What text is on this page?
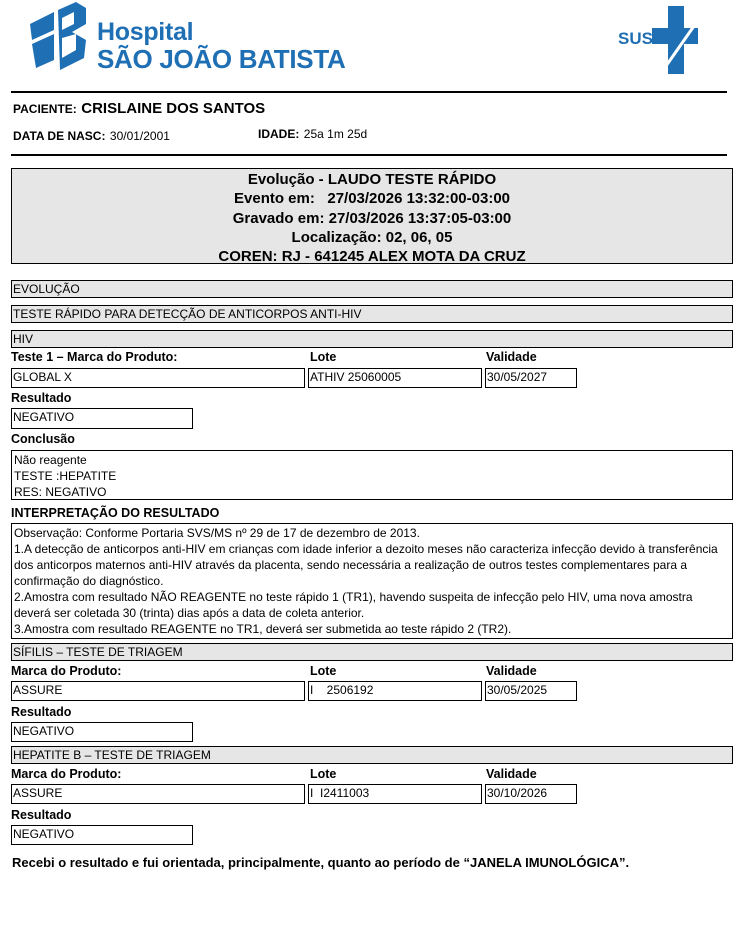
Hospital
SÃO JOÃO BATISTA
SUS
PACIENTE: CRISLAINE DOS SANTOS
DATA DE NASC: 30/01/2001	IDADE: 25a 1m 25d
Evolução - LAUDO TESTE RÁPIDO
Evento em:   27/03/2026 13:32:00-03:00
Gravado em: 27/03/2026 13:37:05-03:00
Localização: 02, 06, 05
COREN: RJ - 641245 ALEX MOTA DA CRUZ
EVOLUÇÃO
TESTE RÁPIDO PARA DETECÇÃO DE ANTICORPOS ANTI-HIV
HIV
Teste 1 – Marca do Produto:	Lote	Validade
GLOBAL X	ATHIV 25060005	30/05/2027
Resultado
NEGATIVO
Conclusão
Não reagente
TESTE :HEPATITE
RES: NEGATIVO
INTERPRETAÇÃO DO RESULTADO
Observação: Conforme Portaria SVS/MS nº 29 de 17 de dezembro de 2013.
1.A detecção de anticorpos anti-HIV em crianças com idade inferior a dezoito meses não caracteriza infecção devido à transferência dos anticorpos maternos anti-HIV através da placenta, sendo necessária a realização de outros testes complementares para a confirmação do diagnóstico.
2.Amostra com resultado NÃO REAGENTE no teste rápido 1 (TR1), havendo suspeita de infecção pelo HIV, uma nova amostra deverá ser coletada 30 (trinta) dias após a data de coleta anterior.
3.Amostra com resultado REAGENTE no TR1, deverá ser submetida ao teste rápido 2 (TR2).
SÍFILIS – TESTE DE TRIAGEM
Marca do Produto:	Lote	Validade
ASSURE	I    2506192	30/05/2025
Resultado
NEGATIVO
HEPATITE B – TESTE DE TRIAGEM
Marca do Produto:	Lote	Validade
ASSURE	I  I2411003	30/10/2026
Resultado
NEGATIVO
Recebi o resultado e fui orientada, principalmente, quanto ao período de “JANELA IMUNOLÓGICA”.
